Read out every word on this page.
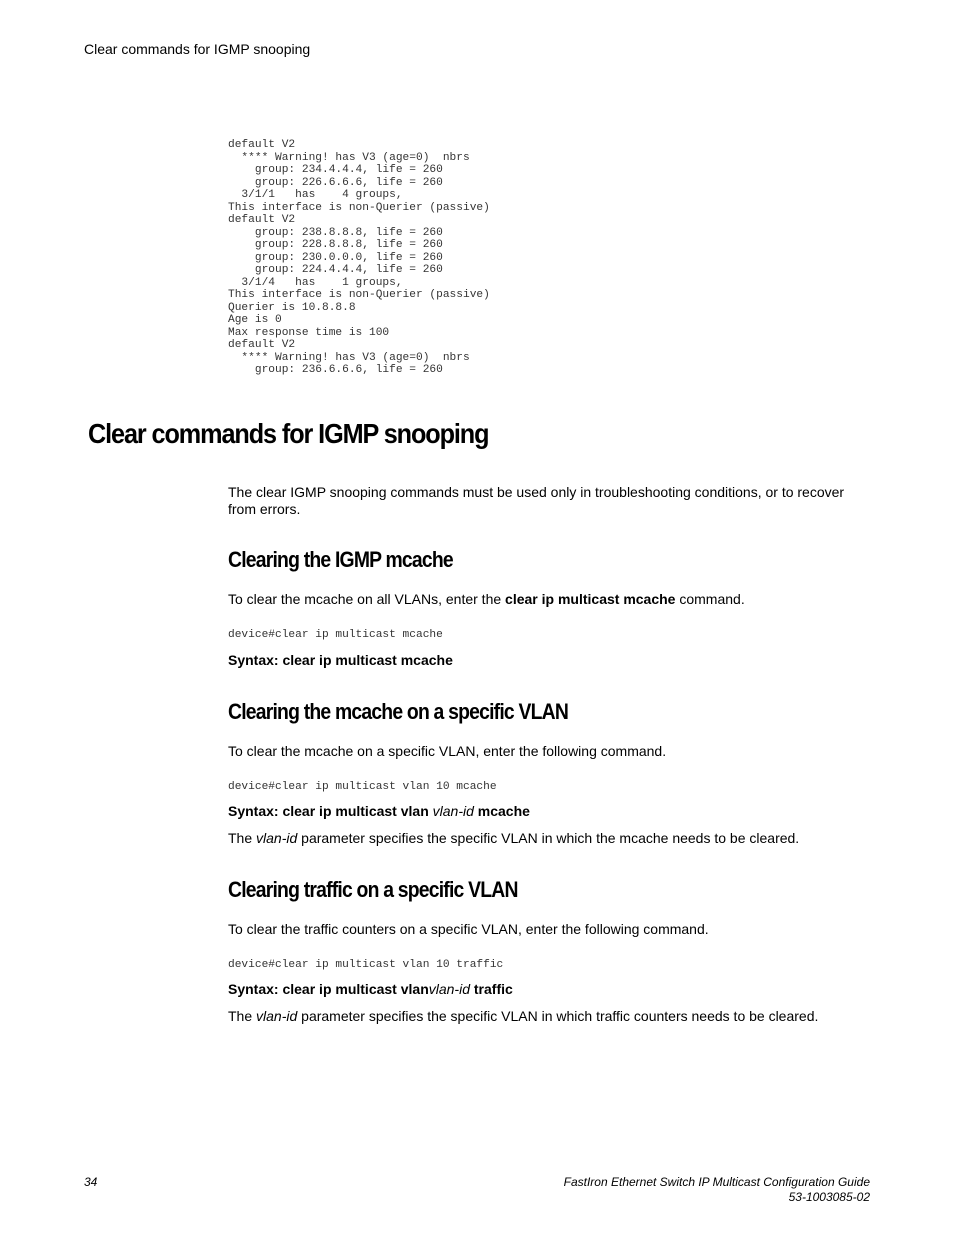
Clear commands for IGMP snooping
default V2
**** Warning! has V3 (age=0)  nbrs
group: 234.4.4.4, life = 260
group: 226.6.6.6, life = 260
3/1/1   has    4 groups,
This interface is non-Querier (passive)
default V2
group: 238.8.8.8, life = 260
group: 228.8.8.8, life = 260
group: 230.0.0.0, life = 260
group: 224.4.4.4, life = 260
3/1/4   has    1 groups,
This interface is non-Querier (passive)
Querier is 10.8.8.8
Age is 0
Max response time is 100
default V2
**** Warning! has V3 (age=0)  nbrs
group: 236.6.6.6, life = 260
Clear commands for IGMP snooping

The clear IGMP snooping commands must be used only in troubleshooting conditions, or to recover from errors.

Clearing the IGMP mcache

To clear the mcache on all VLANs, enter the clear ip multicast mcache command.

device#clear ip multicast mcache

Syntax: clear ip multicast mcache

Clearing the mcache on a specific VLAN

To clear the mcache on a specific VLAN, enter the following command.

device#clear ip multicast vlan 10 mcache

Syntax: clear ip multicast vlan vlan-id mcache

The vlan-id parameter specifies the specific VLAN in which the mcache needs to be cleared.

Clearing traffic on a specific VLAN

To clear the traffic counters on a specific VLAN, enter the following command.

device#clear ip multicast vlan 10 traffic

Syntax: clear ip multicast vlanvlan-id traffic

The vlan-id parameter specifies the specific VLAN in which traffic counters needs to be cleared.

34	FastIron Ethernet Switch IP Multicast Configuration Guide
53-1003085-02
